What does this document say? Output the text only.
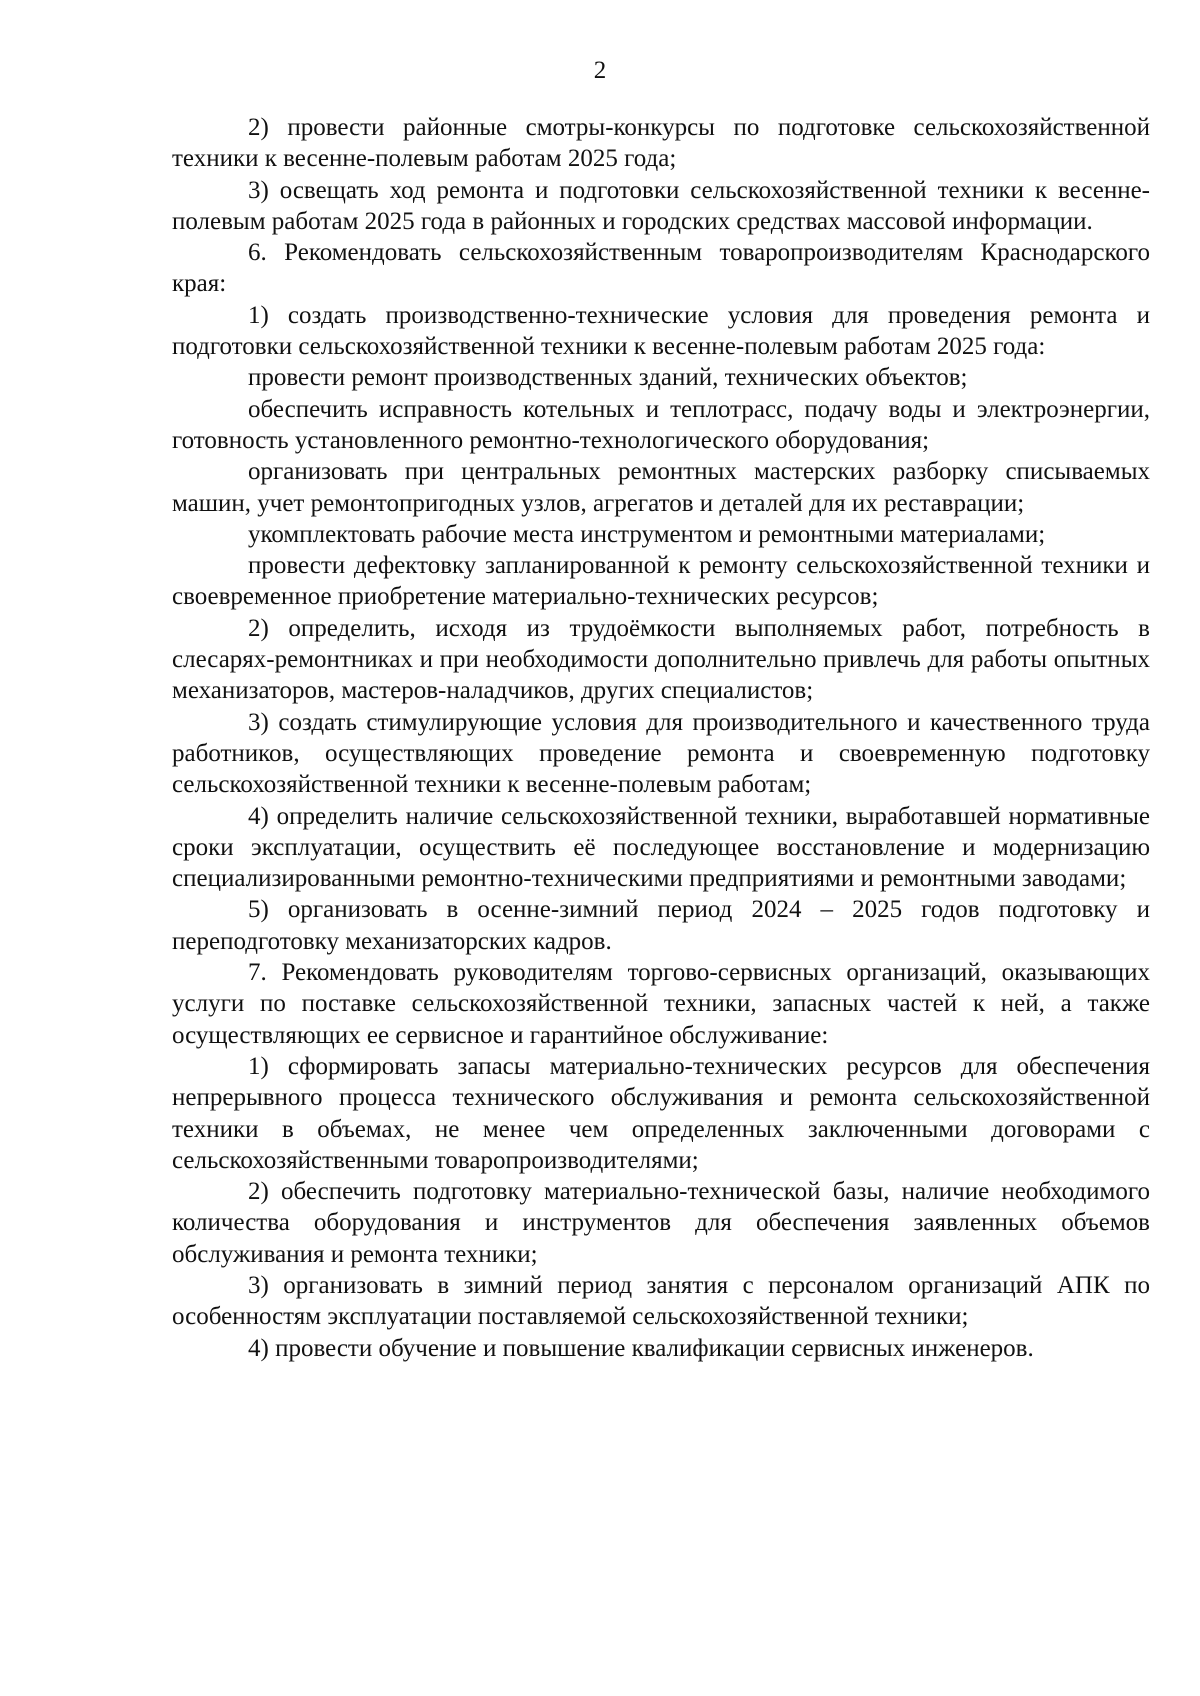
2

2) провести районные смотры-конкурсы по подготовке сельскохозяйственной техники к весенне-полевым работам 2025 года;

3) освещать ход ремонта и подготовки сельскохозяйственной техники к весенне-полевым работам 2025 года в районных и городских средствах массовой информации.

6. Рекомендовать сельскохозяйственным товаропроизводителям Краснодарского края:

1) создать производственно-технические условия для проведения ремонта и подготовки сельскохозяйственной техники к весенне-полевым работам 2025 года:

провести ремонт производственных зданий, технических объектов;

обеспечить исправность котельных и теплотрасс, подачу воды и электроэнергии, готовность установленного ремонтно-технологического оборудования;

организовать при центральных ремонтных мастерских разборку списываемых машин, учет ремонтопригодных узлов, агрегатов и деталей для их реставрации;

укомплектовать рабочие места инструментом и ремонтными материалами;

провести дефектовку запланированной к ремонту сельскохозяйственной техники и своевременное приобретение материально-технических ресурсов;

2) определить, исходя из трудоёмкости выполняемых работ, потребность в слесарях-ремонтниках и при необходимости дополнительно привлечь для работы опытных механизаторов, мастеров-наладчиков, других специалистов;

3) создать стимулирующие условия для производительного и качественного труда работников, осуществляющих проведение ремонта и своевременную подготовку сельскохозяйственной техники к весенне-полевым работам;

4) определить наличие сельскохозяйственной техники, выработавшей нормативные сроки эксплуатации, осуществить её последующее восстановление и модернизацию специализированными ремонтно-техническими предприятиями и ремонтными заводами;

5) организовать в осенне-зимний период 2024 – 2025 годов подготовку и переподготовку механизаторских кадров.

7. Рекомендовать руководителям торгово-сервисных организаций, оказывающих услуги по поставке сельскохозяйственной техники, запасных частей к ней, а также осуществляющих ее сервисное и гарантийное обслуживание:

1) сформировать запасы материально-технических ресурсов для обеспечения непрерывного процесса технического обслуживания и ремонта сельскохозяйственной техники в объемах, не менее чем определенных заключенными договорами с сельскохозяйственными товаропроизводителями;

2) обеспечить подготовку материально-технической базы, наличие необходимого количества оборудования и инструментов для обеспечения заявленных объемов обслуживания и ремонта техники;

3) организовать в зимний период занятия с персоналом организаций АПК по особенностям эксплуатации поставляемой сельскохозяйственной техники;

4) провести обучение и повышение квалификации сервисных инженеров.
